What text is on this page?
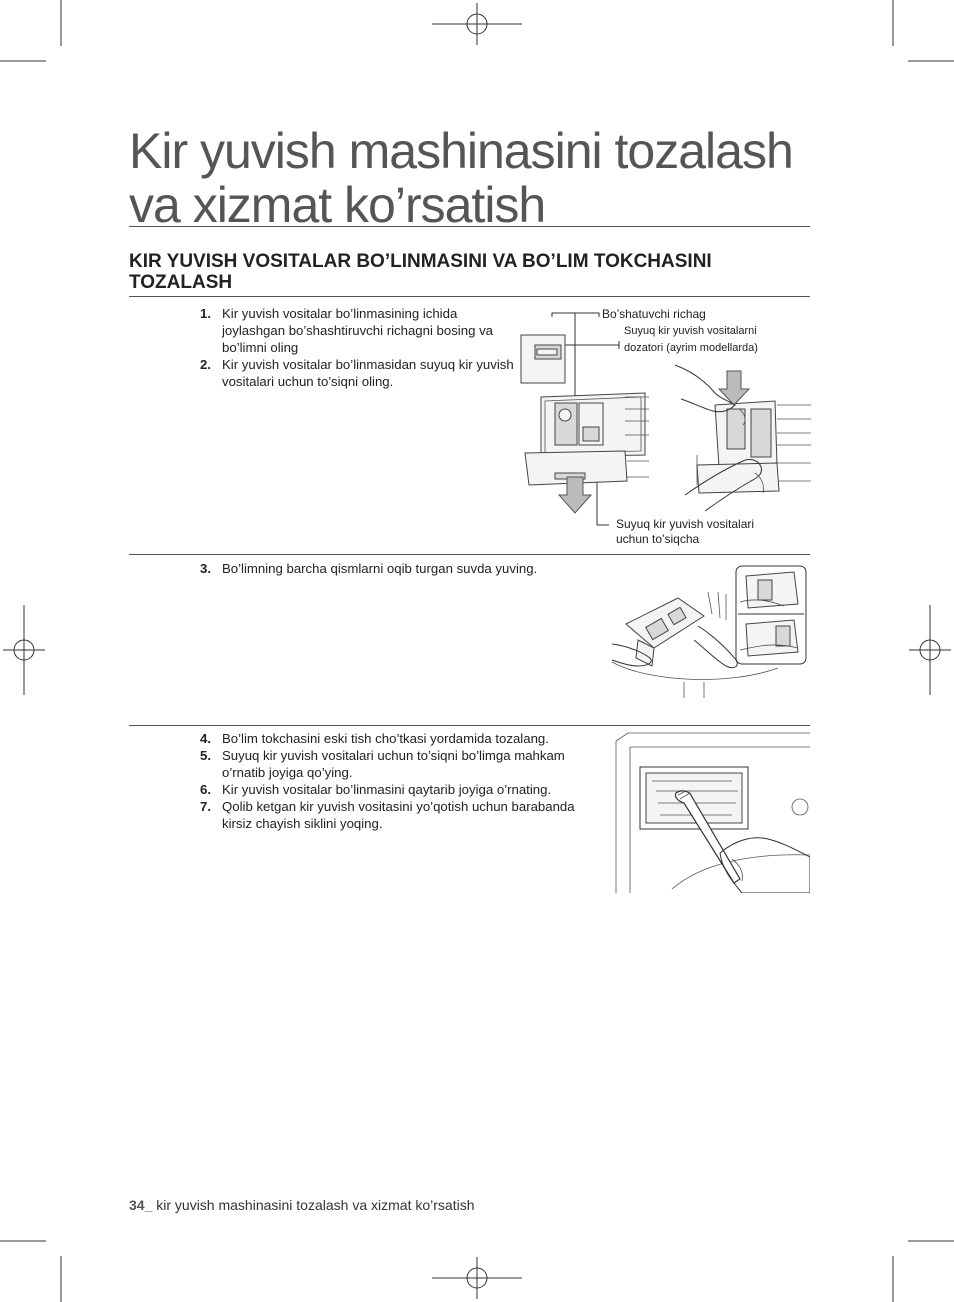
Kir yuvish mashinasini tozalash
va xizmat ko’rsatish
KIR YUVISH VOSITALAR BO’LINMASINI VA BO’LIM TOKCHASINI TOZALASH
1. Kir yuvish vositalar bo’linmasining ichida joylashgan bo’shashtiruvchi richagni bosing va bo’limni oling
2. Kir yuvish vositalar bo’linmasidan suyuq kir yuvish vositalari uchun to’siqni oling.
Bo’shatuvchi richag
Suyuq kir yuvish vositalarni
dozatori (ayrim modellarda)
Suyuq kir yuvish vositalari
uchun to’siqcha
3. Bo’limning barcha qismlarni oqib turgan suvda yuving.
4. Bo’lim tokchasini eski tish cho’tkasi yordamida tozalang.
5. Suyuq kir yuvish vositalari uchun to’siqni bo’limga mahkam o’rnatib joyiga qo’ying.
6. Kir yuvish vositalar bo’linmasini qaytarib joyiga o’rnating.
7. Qolib ketgan kir yuvish vositasini yo’qotish uchun barabanda kirsiz chayish siklini yoqing.
34_ kir yuvish mashinasini tozalash va xizmat ko’rsatish
